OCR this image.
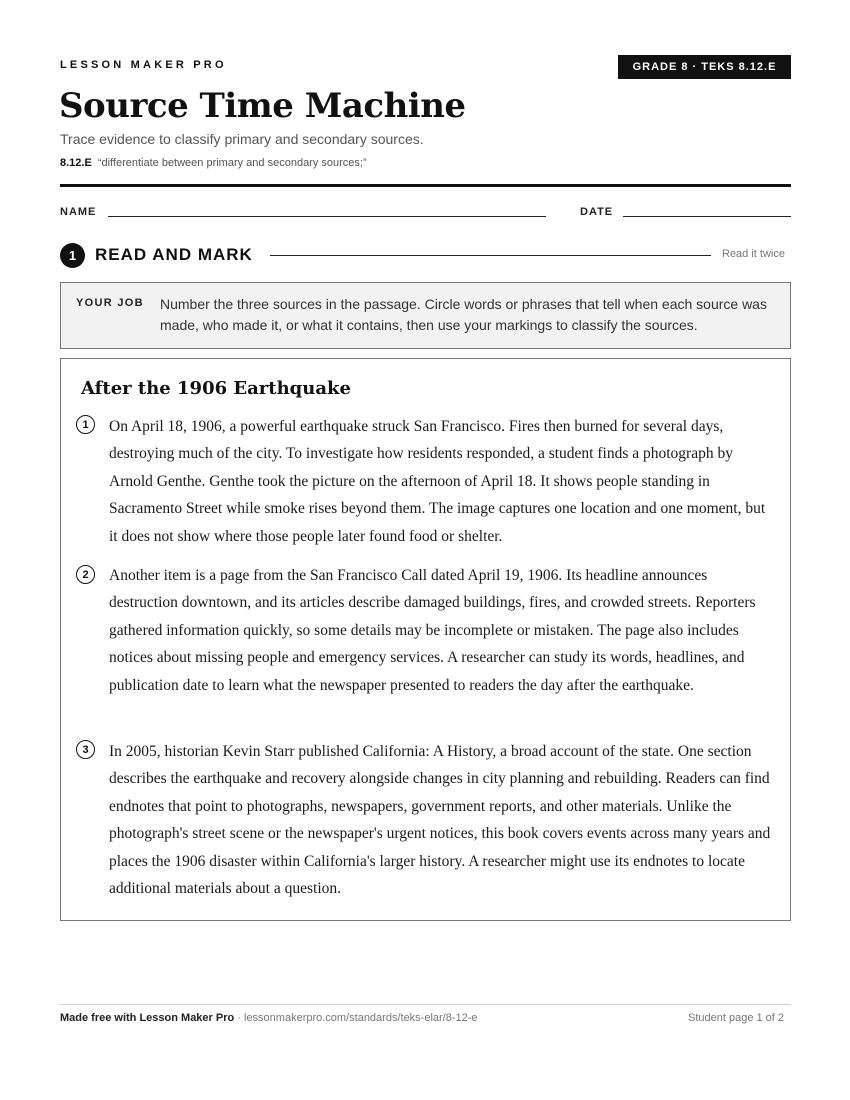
LESSON MAKER PRO	GRADE 8 · TEKS 8.12.E
Source Time Machine
Trace evidence to classify primary and secondary sources.
8.12.E “differentiate between primary and secondary sources;”
NAME	DATE
1	READ AND MARK	Read it twice
YOUR JOB Number the three sources in the passage. Circle words or phrases that tell when each source was made, who made it, or what it contains, then use your markings to classify the sources.
After the 1906 Earthquake
1	On April 18, 1906, a powerful earthquake struck San Francisco. Fires then burned for several days, destroying much of the city. To investigate how residents responded, a student finds a photograph by Arnold Genthe. Genthe took the picture on the afternoon of April 18. It shows people standing in Sacramento Street while smoke rises beyond them. The image captures one location and one moment, but it does not show where those people later found food or shelter.
2	Another item is a page from the San Francisco Call dated April 19, 1906. Its headline announces destruction downtown, and its articles describe damaged buildings, fires, and crowded streets. Reporters gathered information quickly, so some details may be incomplete or mistaken. The page also includes notices about missing people and emergency services. A researcher can study its words, headlines, and publication date to learn what the newspaper presented to readers the day after the earthquake.
3	In 2005, historian Kevin Starr published California: A History, a broad account of the state. One section describes the earthquake and recovery alongside changes in city planning and rebuilding. Readers can find endnotes that point to photographs, newspapers, government reports, and other materials. Unlike the photograph's street scene or the newspaper's urgent notices, this book covers events across many years and places the 1906 disaster within California's larger history. A researcher might use its endnotes to locate additional materials about a question.
Made free with Lesson Maker Pro · lessonmakerpro.com/standards/teks-elar/8-12-e	Student page 1 of 2
